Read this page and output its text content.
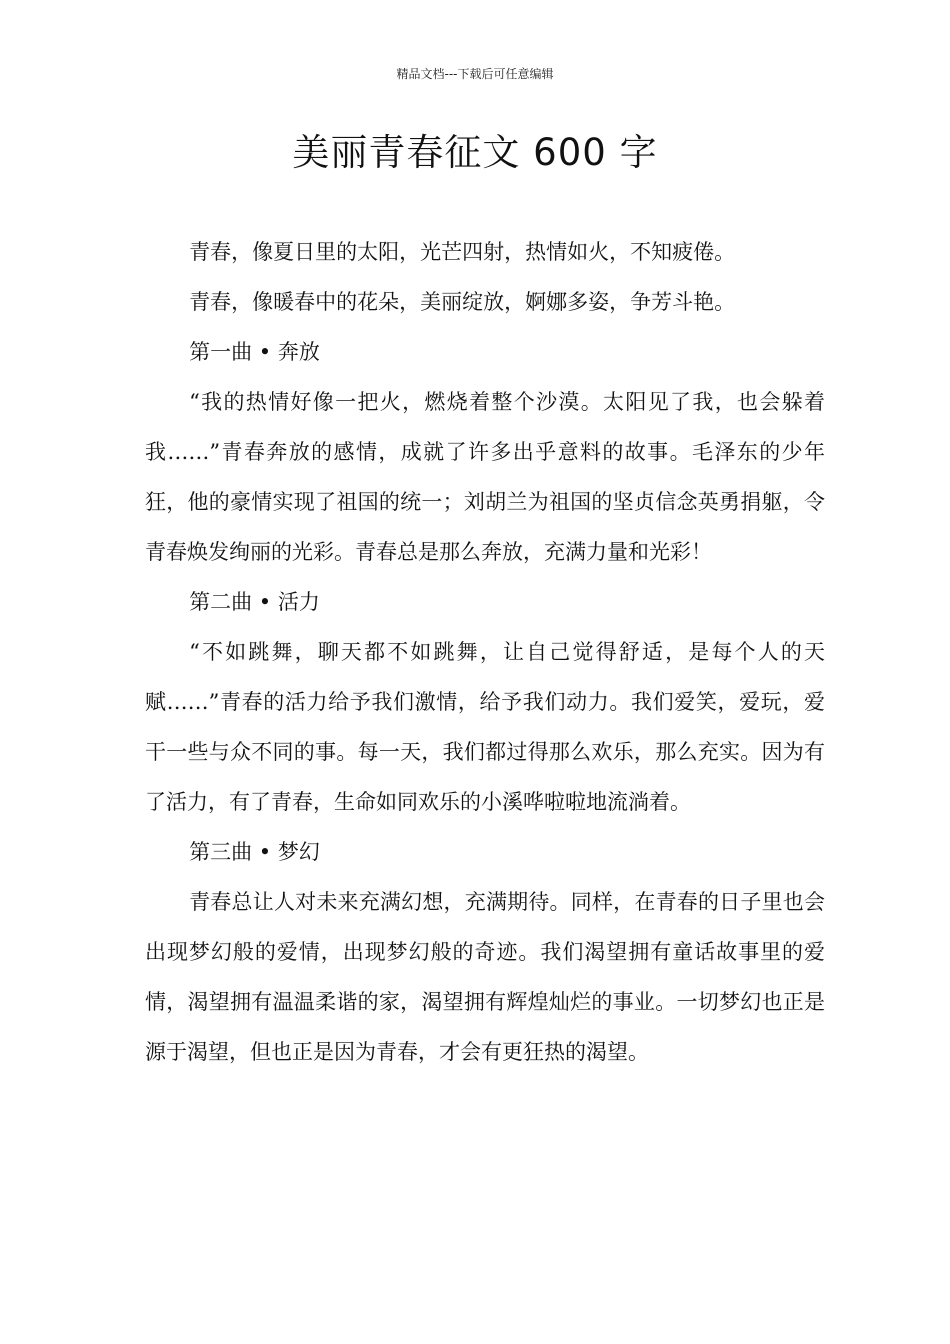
精品文档---下载后可任意编辑
美丽青春征文 600 字

青春，像夏日里的太阳，光芒四射，热情如火，不知疲倦。

青春，像暖春中的花朵，美丽绽放，婀娜多姿，争芳斗艳。

第一曲 • 奔放

“我的热情好像一把火，燃烧着整个沙漠。太阳见了我，也会躲着我……”青春奔放的感情，成就了许多出乎意料的故事。毛泽东的少年狂，他的豪情实现了祖国的统一；刘胡兰为祖国的坚贞信念英勇捐躯，令青春焕发绚丽的光彩。青春总是那么奔放，充满力量和光彩！

第二曲 • 活力

“不如跳舞，聊天都不如跳舞，让自己觉得舒适，是每个人的天赋……”青春的活力给予我们激情，给予我们动力。我们爱笑，爱玩，爱干一些与众不同的事。每一天，我们都过得那么欢乐，那么充实。因为有了活力，有了青春，生命如同欢乐的小溪哗啦啦地流淌着。

第三曲 • 梦幻

青春总让人对未来充满幻想，充满期待。同样，在青春的日子里也会出现梦幻般的爱情，出现梦幻般的奇迹。我们渴望拥有童话故事里的爱情，渴望拥有温温柔谐的家，渴望拥有辉煌灿烂的事业。一切梦幻也正是源于渴望，但也正是因为青春，才会有更狂热的渴望。
